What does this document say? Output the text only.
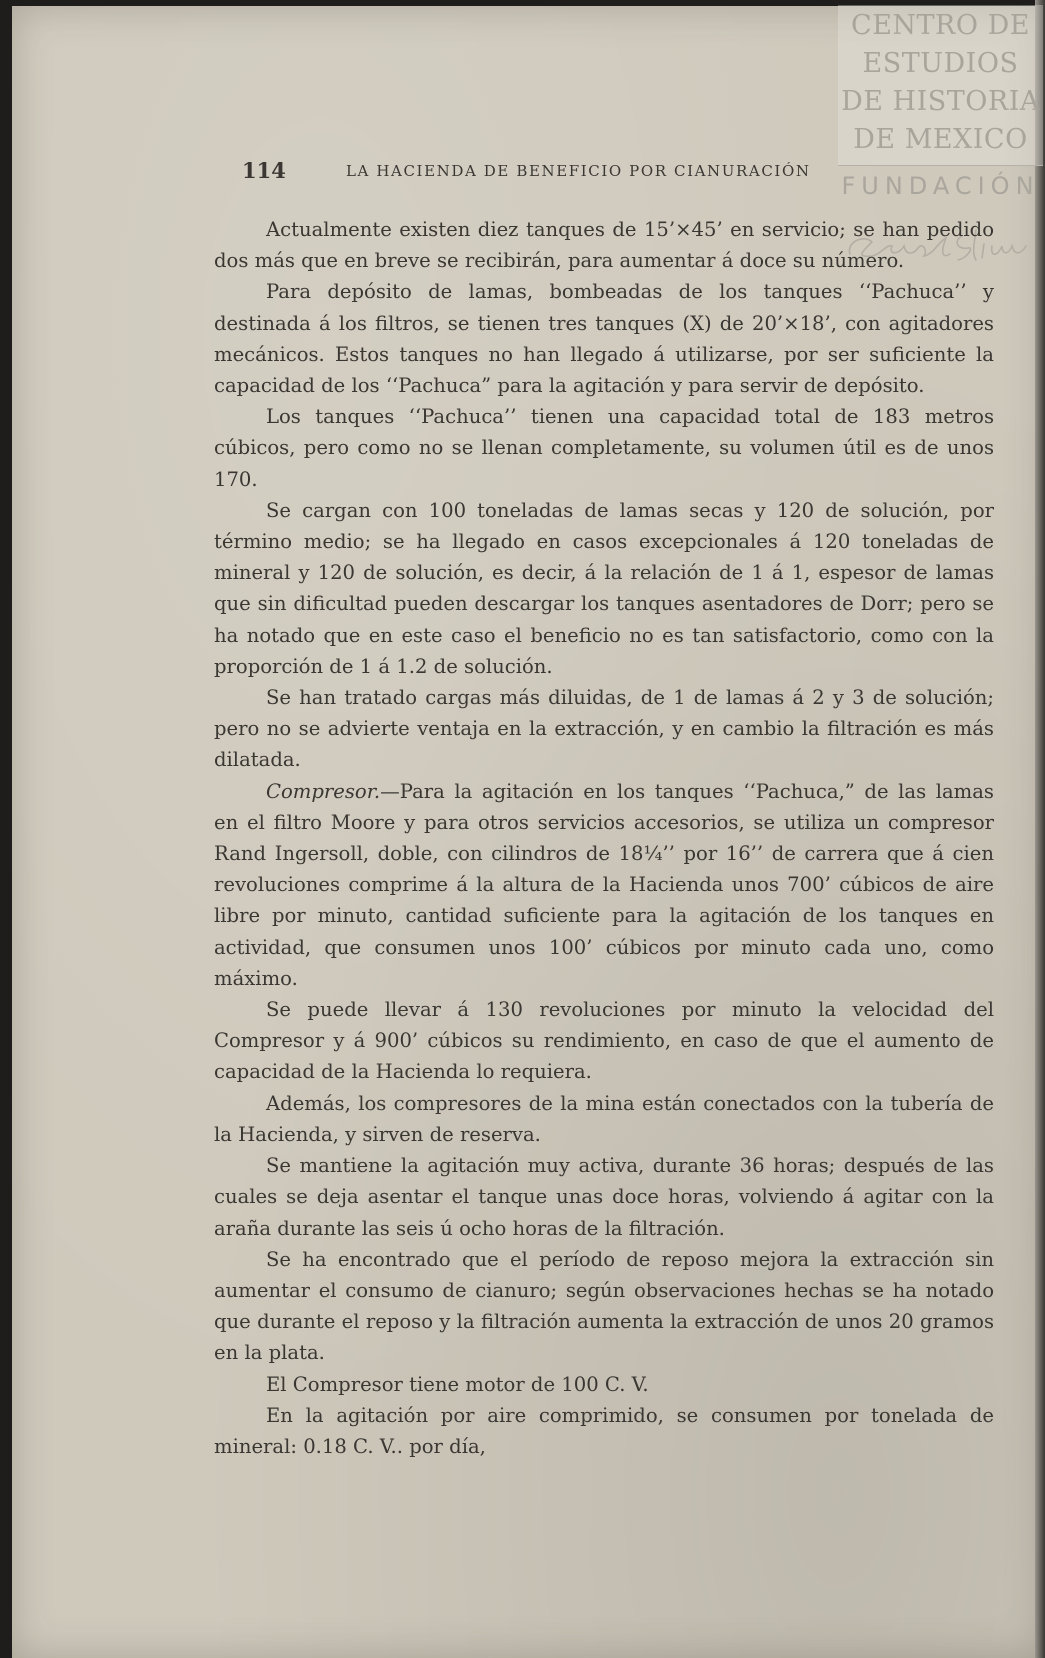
CENTRO DE
ESTUDIOS
DE HISTORIA
DE MEXICO
FUNDACIÓN
114	LA HACIENDA DE BENEFICIO POR CIANURACIÓN

Actualmente existen diez tanques de 15’×45’ en servicio; se han pedido dos más que en breve se recibirán, para aumentar á doce su número.

Para depósito de lamas, bombeadas de los tanques ‘‘Pachuca’’ y destinada á los filtros, se tienen tres tanques (X) de 20’×18’, con agitadores mecánicos. Estos tanques no han llegado á utilizarse, por ser suficiente la capacidad de los ‘‘Pachuca” para la agitación y para servir de depósito.

Los tanques ‘‘Pachuca’’ tienen una capacidad total de 183 metros cúbicos, pero como no se llenan completamente, su volumen útil es de unos 170.

Se cargan con 100 toneladas de lamas secas y 120 de solución, por término medio; se ha llegado en casos excepcionales á 120 toneladas de mineral y 120 de solución, es decir, á la relación de 1 á 1, espesor de lamas que sin dificultad pueden descargar los tanques asentadores de Dorr; pero se ha notado que en este caso el beneficio no es tan satisfactorio, como con la proporción de 1 á 1.2 de solución.

Se han tratado cargas más diluidas, de 1 de lamas á 2 y 3 de solución; pero no se advierte ventaja en la extracción, y en cambio la filtración es más dilatada.

Compresor.—Para la agitación en los tanques ‘‘Pachuca,” de las lamas en el filtro Moore y para otros servicios accesorios, se utiliza un compresor Rand Ingersoll, doble, con cilindros de 18¼’’ por 16’’ de carrera que á cien revoluciones comprime á la altura de la Hacienda unos 700’ cúbicos de aire libre por minuto, cantidad suficiente para la agitación de los tanques en actividad, que consumen unos 100’ cúbicos por minuto cada uno, como máximo.

Se puede llevar á 130 revoluciones por minuto la velocidad del Compresor y á 900’ cúbicos su rendimiento, en caso de que el aumento de capacidad de la Hacienda lo requiera.

Además, los compresores de la mina están conectados con la tubería de la Hacienda, y sirven de reserva.

Se mantiene la agitación muy activa, durante 36 horas; después de las cuales se deja asentar el tanque unas doce horas, volviendo á agitar con la araña durante las seis ú ocho horas de la filtración.

Se ha encontrado que el período de reposo mejora la extracción sin aumentar el consumo de cianuro; según observaciones hechas se ha notado que durante el reposo y la filtración aumenta la extracción de unos 20 gramos en la plata.

El Compresor tiene motor de 100 C. V.

En la agitación por aire comprimido, se consumen por tonelada de mineral: 0.18 C. V.. por día,
